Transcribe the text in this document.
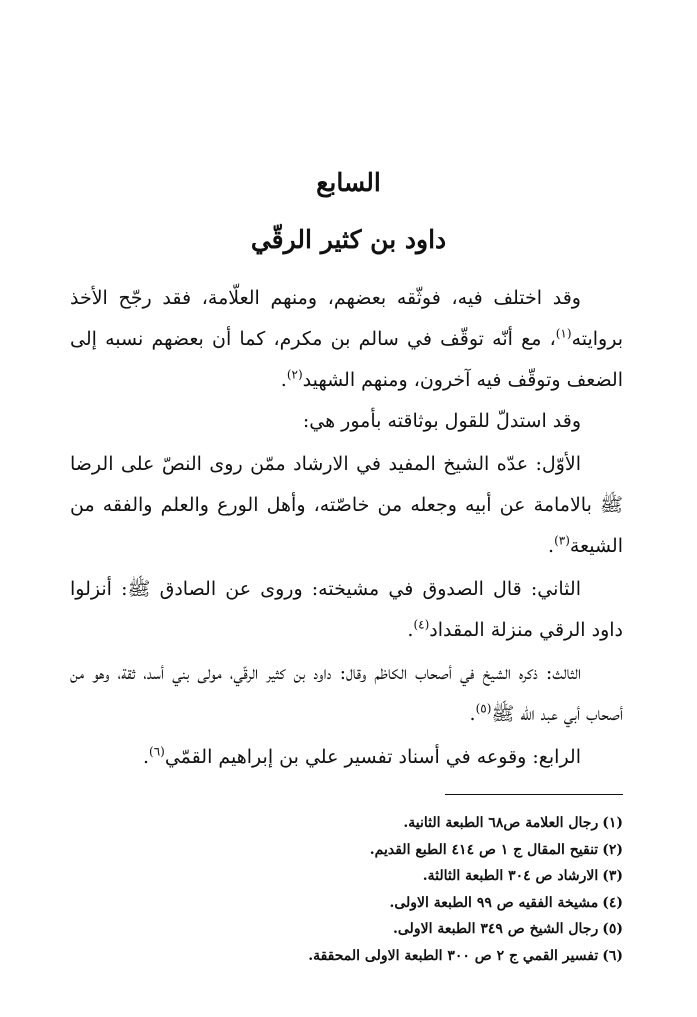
السابع
داود بن كثير الرقّي

وقد اختلف فيه، فوثّقه بعضهم، ومنهم العلّامة، فقد رجّح الأخذ بروايته$^{(١)}$، مع أنّه توقّف في سالم بن مكرم، كما أن بعضهم نسبه إلى الضعف وتوقّف فيه آخرون، ومنهم الشهيد$^{(٢)}$.

وقد استدلّ للقول بوثاقته بأمور هي:

الأوّل: عدّه الشيخ المفيد في الارشاد ممّن روى النصّ على الرضا ﷺ بالامامة عن أبيه وجعله من خاصّته، وأهل الورع والعلم والفقه من الشيعة$^{(٣)}$.

الثاني: قال الصدوق في مشيخته: وروى عن الصادق ﷺ: أنزلوا داود الرقي منزلة المقداد$^{(٤)}$.

الثالث: ذكره الشيخ في أصحاب الكاظم وقال: داود بن كثير الرقّي، مولى بني أسد، ثقة، وهو من أصحاب أبي عبد الله ﷺ$^{(٥)}$.

الرابع: وقوعه في أسناد تفسير علي بن إبراهيم القمّي$^{(٦)}$.

(١)رجال العلامة ص٦٨ الطبعة الثانية.
(٢)تنقيح المقال ج ١ ص ٤١٤ الطبع القديم.
(٣)الارشاد ص ٣٠٤ الطبعة الثالثة.
(٤)مشيخة الفقيه ص ٩٩ الطبعة الاولى.
(٥)رجال الشيخ ص ٣٤٩ الطبعة الاولى.
(٦)تفسير القمي ج ٢ ص ٣٠٠ الطبعة الاولى المحققة.
